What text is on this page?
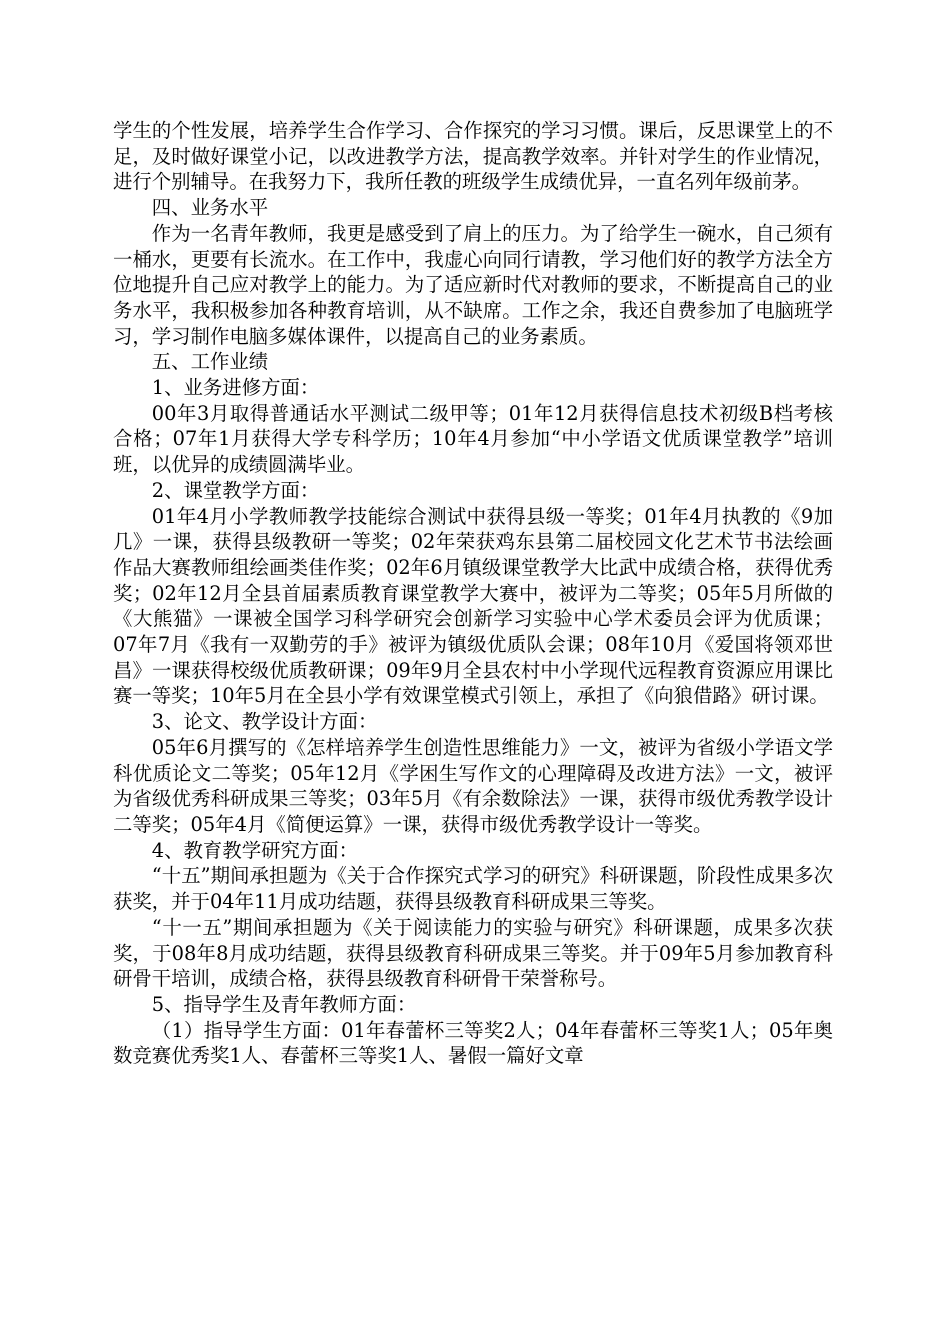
学生的个性发展，培养学生合作学习、合作探究的学习习惯。课后，反思课堂上的不足，及时做好课堂小记，以改进教学方法，提高教学效率。并针对学生的作业情况，进行个别辅导。在我努力下，我所任教的班级学生成绩优异，一直名列年级前茅。

四、业务水平

作为一名青年教师，我更是感受到了肩上的压力。为了给学生一碗水，自己须有一桶水，更要有长流水。在工作中，我虚心向同行请教，学习他们好的教学方法全方位地提升自己应对教学上的能力。为了适应新时代对教师的要求，不断提高自己的业务水平，我积极参加各种教育培训，从不缺席。工作之余，我还自费参加了电脑班学习，学习制作电脑多媒体课件，以提高自己的业务素质。

五、工作业绩

1、业务进修方面：

00年3月取得普通话水平测试二级甲等；01年12月获得信息技术初级B档考核合格；07年1月获得大学专科学历；10年4月参加“中小学语文优质课堂教学”培训班，以优异的成绩圆满毕业。

2、课堂教学方面：

01年4月小学教师教学技能综合测试中获得县级一等奖；01年4月执教的《9加几》一课，获得县级教研一等奖；02年荣获鸡东县第二届校园文化艺术节书法绘画作品大赛教师组绘画类佳作奖；02年6月镇级课堂教学大比武中成绩合格，获得优秀奖；02年12月全县首届素质教育课堂教学大赛中，被评为二等奖；05年5月所做的《大熊猫》一课被全国学习科学研究会创新学习实验中心学术委员会评为优质课；07年7月《我有一双勤劳的手》被评为镇级优质队会课；08年10月《爱国将领邓世昌》一课获得校级优质教研课；09年9月全县农村中小学现代远程教育资源应用课比赛一等奖；10年5月在全县小学有效课堂模式引领上，承担了《向狼借路》研讨课。

3、论文、教学设计方面：

05年6月撰写的《怎样培养学生创造性思维能力》一文，被评为省级小学语文学科优质论文二等奖；05年12月《学困生写作文的心理障碍及改进方法》一文，被评为省级优秀科研成果三等奖；03年5月《有余数除法》一课，获得市级优秀教学设计二等奖；05年4月《简便运算》一课，获得市级优秀教学设计一等奖。

4、教育教学研究方面：

“十五”期间承担题为《关于合作探究式学习的研究》科研课题，阶段性成果多次获奖，并于04年11月成功结题，获得县级教育科研成果三等奖。

“十一五”期间承担题为《关于阅读能力的实验与研究》科研课题，成果多次获奖，于08年8月成功结题，获得县级教育科研成果三等奖。并于09年5月参加教育科研骨干培训，成绩合格，获得县级教育科研骨干荣誉称号。

5、指导学生及青年教师方面：

（1）指导学生方面：01年春蕾杯三等奖2人；04年春蕾杯三等奖1人；05年奥数竞赛优秀奖1人、春蕾杯三等奖1人、暑假一篇好文章
